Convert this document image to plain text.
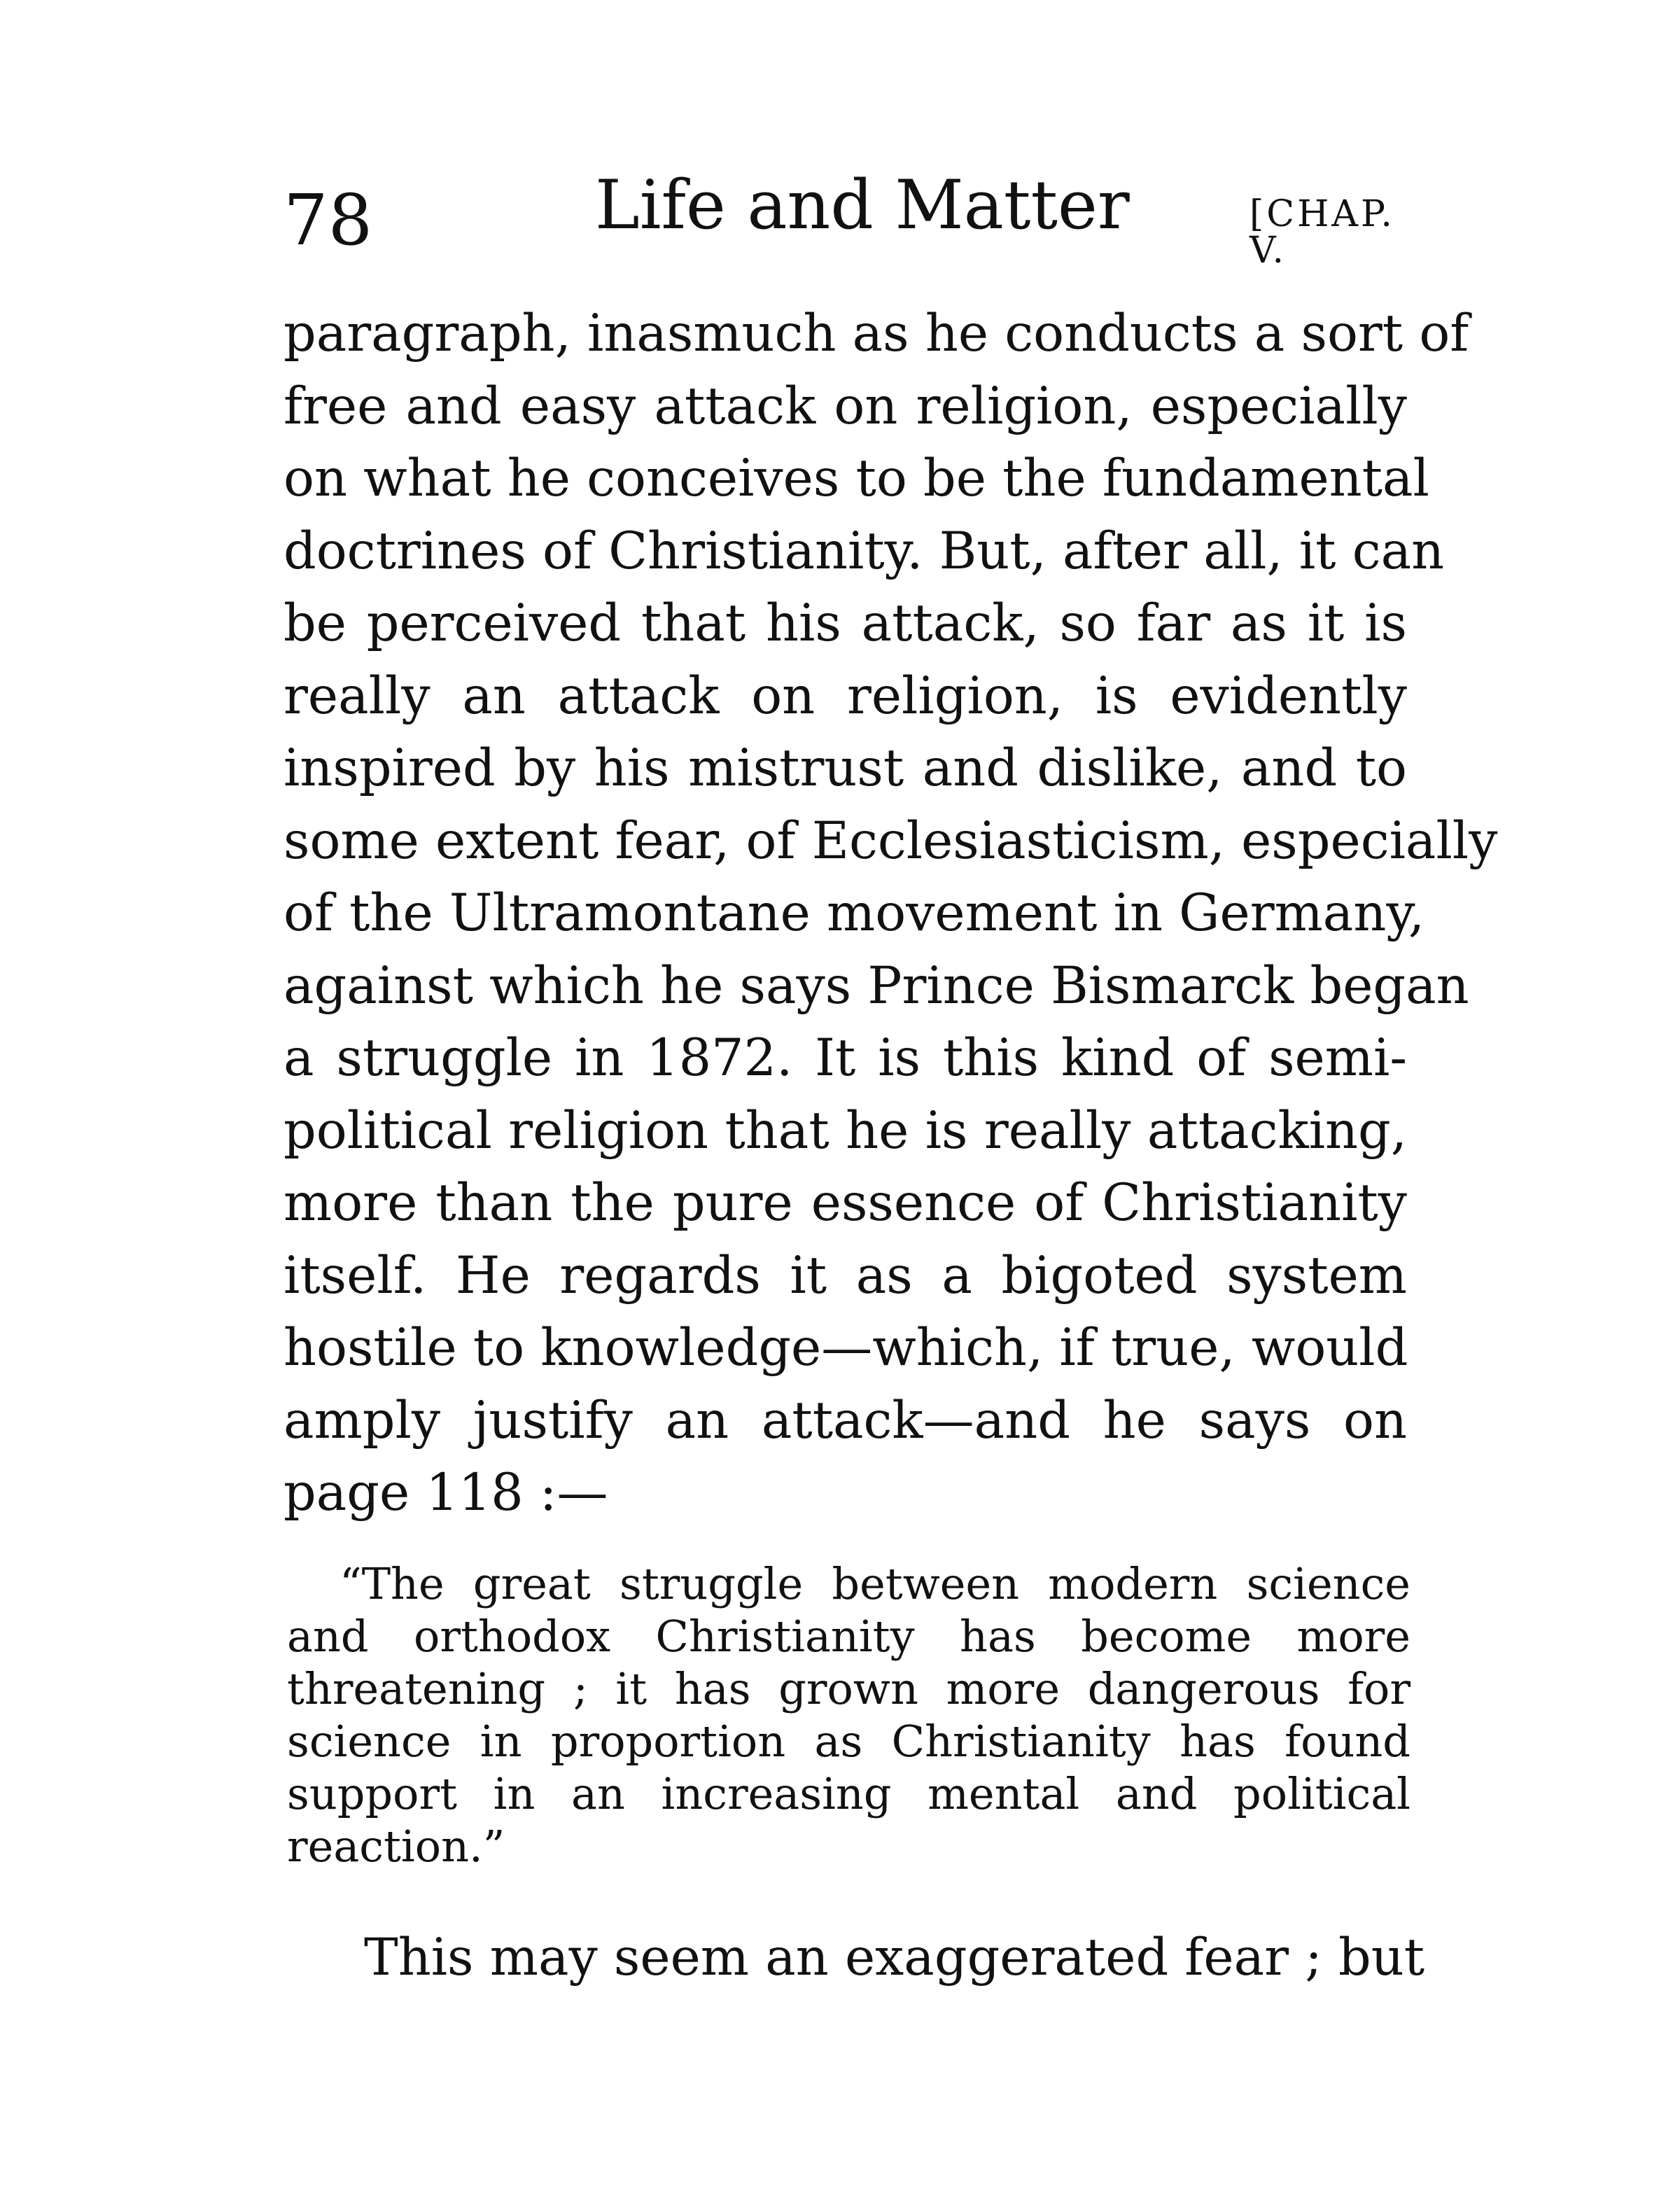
78	Life and Matter	[CHAP. V.
paragraph, inasmuch as he conducts a sort of
free and easy attack on religion, especially
on what he conceives to be the fundamental
doctrines of Christianity. But, after all, it can
be perceived that his attack, so far as it is
really an attack on religion, is evidently
inspired by his mistrust and dislike, and to
some extent fear, of Ecclesiasticism, especially
of the Ultramontane movement in Germany,
against which he says Prince Bismarck began
a struggle in 1872. It is this kind of semi-
political religion that he is really attacking,
more than the pure essence of Christianity
itself. He regards it as a bigoted system
hostile to knowledge—which, if true, would
amply justify an attack—and he says on
page 118 :—
“The great struggle between modern science
and orthodox Christianity has become more
threatening ; it has grown more dangerous for
science in proportion as Christianity has found
support in an increasing mental and political
reaction.”
This may seem an exaggerated fear ; but
